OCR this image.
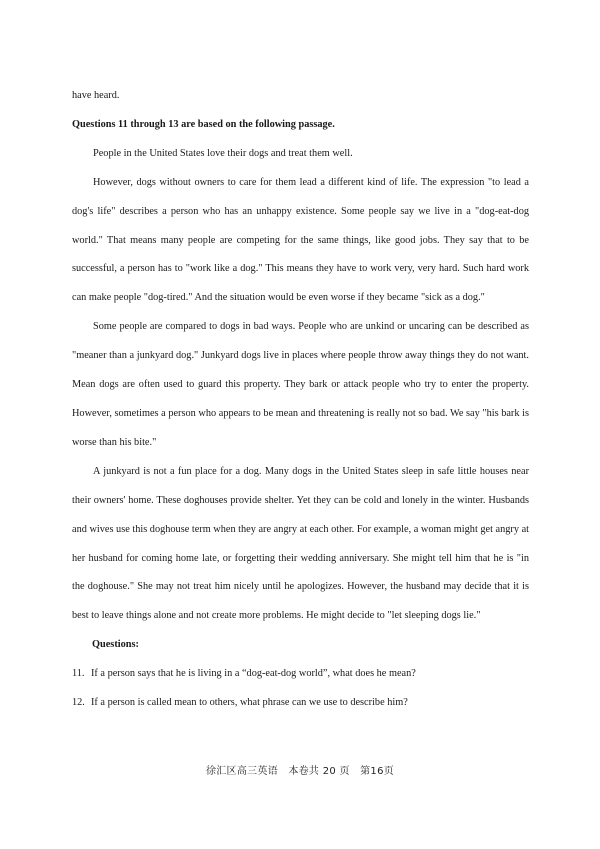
have heard.

Questions 11 through 13 are based on the following passage.

People in the United States love their dogs and treat them well.

However, dogs without owners to care for them lead a different kind of life. The expression "to lead a dog's life" describes a person who has an unhappy existence. Some people say we live in a "dog-eat-dog world." That means many people are competing for the same things, like good jobs. They say that to be successful, a person has to "work like a dog." This means they have to work very, very hard. Such hard work can make people "dog-tired." And the situation would be even worse if they became "sick as a dog."

Some people are compared to dogs in bad ways. People who are unkind or uncaring can be described as "meaner than a junkyard dog." Junkyard dogs live in places where people throw away things they do not want. Mean dogs are often used to guard this property. They bark or attack people who try to enter the property. However, sometimes a person who appears to be mean and threatening is really not so bad. We say "his bark is worse than his bite."

A junkyard is not a fun place for a dog. Many dogs in the United States sleep in safe little houses near their owners' home. These doghouses provide shelter. Yet they can be cold and lonely in the winter. Husbands and wives use this doghouse term when they are angry at each other. For example, a woman might get angry at her husband for coming home late, or forgetting their wedding anniversary. She might tell him that he is "in the doghouse." She may not treat him nicely until he apologizes. However, the husband may decide that it is best to leave things alone and not create more problems. He might decide to "let sleeping dogs lie."

Questions:

11. If a person says that he is living in a “dog-eat-dog world”, what does he mean?

12. If a person is called mean to others, what phrase can we use to describe him?

徐汇区高三英语　本卷共 20 页　第16页
